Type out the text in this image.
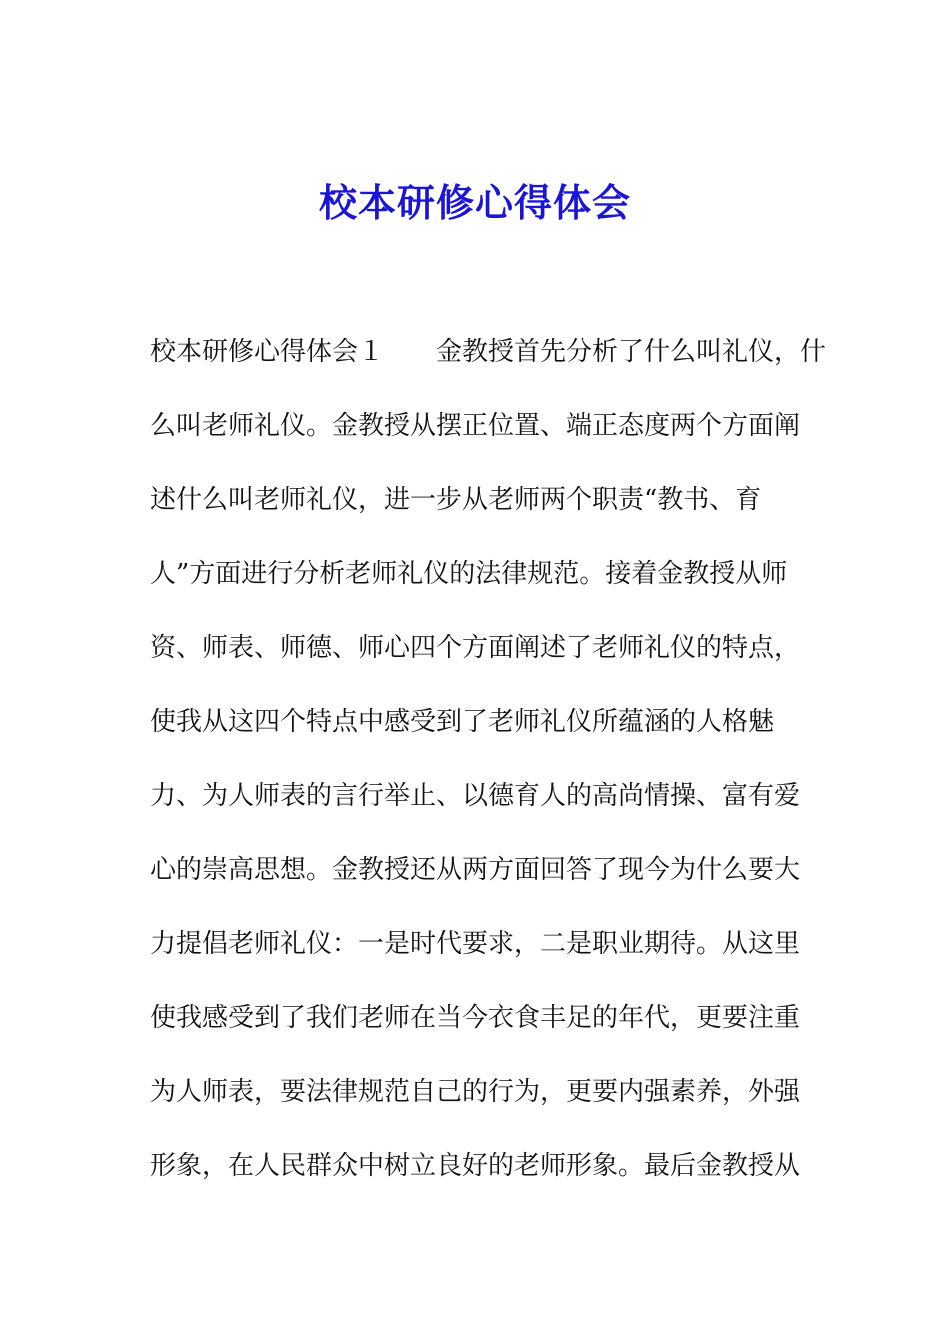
校本研修心得体会
校本研修心得体会１ 金教授首先分析了什么叫礼仪，什
么叫老师礼仪。金教授从摆正位置、端正态度两个方面阐
述什么叫老师礼仪，进一步从老师两个职责“教书、育
人”方面进行分析老师礼仪的法律规范。接着金教授从师
资、师表、师德、师心四个方面阐述了老师礼仪的特点，
使我从这四个特点中感受到了老师礼仪所蕴涵的人格魅
力、为人师表的言行举止、以德育人的高尚情操、富有爱
心的崇高思想。金教授还从两方面回答了现今为什么要大
力提倡老师礼仪：一是时代要求，二是职业期待。从这里
使我感受到了我们老师在当今衣食丰足的年代，更要注重
为人师表，要法律规范自己的行为，更要内强素养，外强
形象，在人民群众中树立良好的老师形象。最后金教授从
